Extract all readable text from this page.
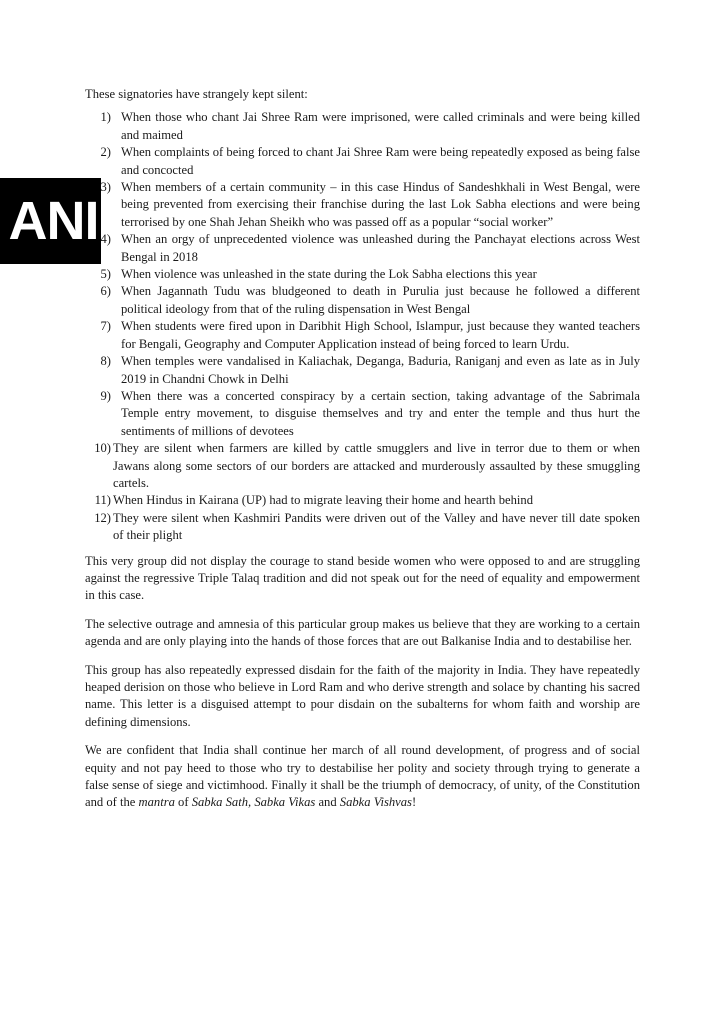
ANI

These signatories have strangely kept silent:

1) When those who chant Jai Shree Ram were imprisoned, were called criminals and were being killed and maimed
2) When complaints of being forced to chant Jai Shree Ram were being repeatedly exposed as being false and concocted
3) When members of a certain community – in this case Hindus of Sandeshkhali in West Bengal, were being prevented from exercising their franchise during the last Lok Sabha elections and were being terrorised by one Shah Jehan Sheikh who was passed off as a popular “social worker”
4) When an orgy of unprecedented violence was unleashed during the Panchayat elections across West Bengal in 2018
5) When violence was unleashed in the state during the Lok Sabha elections this year
6) When Jagannath Tudu was bludgeoned to death in Purulia just because he followed a different political ideology from that of the ruling dispensation in West Bengal
7) When students were fired upon in Daribhit High School, Islampur, just because they wanted teachers for Bengali, Geography and Computer Application instead of being forced to learn Urdu.
8) When temples were vandalised in Kaliachak, Deganga, Baduria, Raniganj and even as late as in July 2019 in Chandni Chowk in Delhi
9) When there was a concerted conspiracy by a certain section, taking advantage of the Sabrimala Temple entry movement, to disguise themselves and try and enter the temple and thus hurt the sentiments of millions of devotees
10) They are silent when farmers are killed by cattle smugglers and live in terror due to them or when Jawans along some sectors of our borders are attacked and murderously assaulted by these smuggling cartels.
11) When Hindus in Kairana (UP) had to migrate leaving their home and hearth behind
12) They were silent when Kashmiri Pandits were driven out of the Valley and have never till date spoken of their plight

This very group did not display the courage to stand beside women who were opposed to and are struggling against the regressive Triple Talaq tradition and did not speak out for the need of equality and empowerment in this case.

The selective outrage and amnesia of this particular group makes us believe that they are working to a certain agenda and are only playing into the hands of those forces that are out Balkanise India and to destabilise her.

This group has also repeatedly expressed disdain for the faith of the majority in India. They have repeatedly heaped derision on those who believe in Lord Ram and who derive strength and solace by chanting his sacred name. This letter is a disguised attempt to pour disdain on the subalterns for whom faith and worship are defining dimensions.

We are confident that India shall continue her march of all round development, of progress and of social equity and not pay heed to those who try to destabilise her polity and society through trying to generate a false sense of siege and victimhood. Finally it shall be the triumph of democracy, of unity, of the Constitution and of the mantra of Sabka Sath, Sabka Vikas and Sabka Vishvas!
